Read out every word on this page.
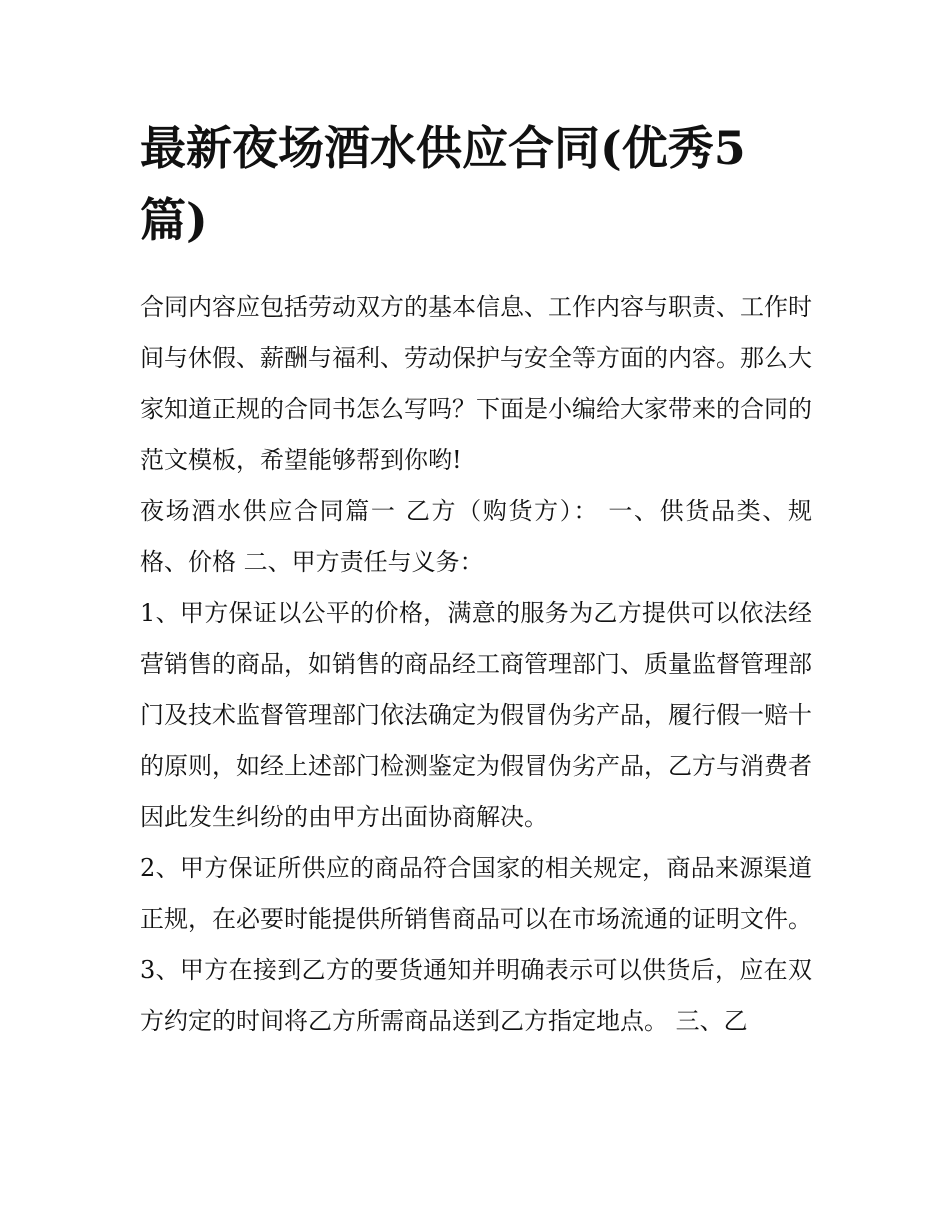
最新夜场酒水供应合同(优秀5篇)

合同内容应包括劳动双方的基本信息、工作内容与职责、工作时间与休假、薪酬与福利、劳动保护与安全等方面的内容。那么大家知道正规的合同书怎么写吗？下面是小编给大家带来的合同的范文模板，希望能够帮到你哟!

夜场酒水供应合同篇一 乙方（购货方）： 一、供货品类、规格、价格 二、甲方责任与义务：

1、甲方保证以公平的价格，满意的服务为乙方提供可以依法经营销售的商品，如销售的商品经工商管理部门、质量监督管理部门及技术监督管理部门依法确定为假冒伪劣产品，履行假一赔十的原则，如经上述部门检测鉴定为假冒伪劣产品，乙方与消费者因此发生纠纷的由甲方出面协商解决。

2、甲方保证所供应的商品符合国家的相关规定，商品来源渠道正规，在必要时能提供所销售商品可以在市场流通的证明文件。

3、甲方在接到乙方的要货通知并明确表示可以供货后，应在双方约定的时间将乙方所需商品送到乙方指定地点。 三、乙
